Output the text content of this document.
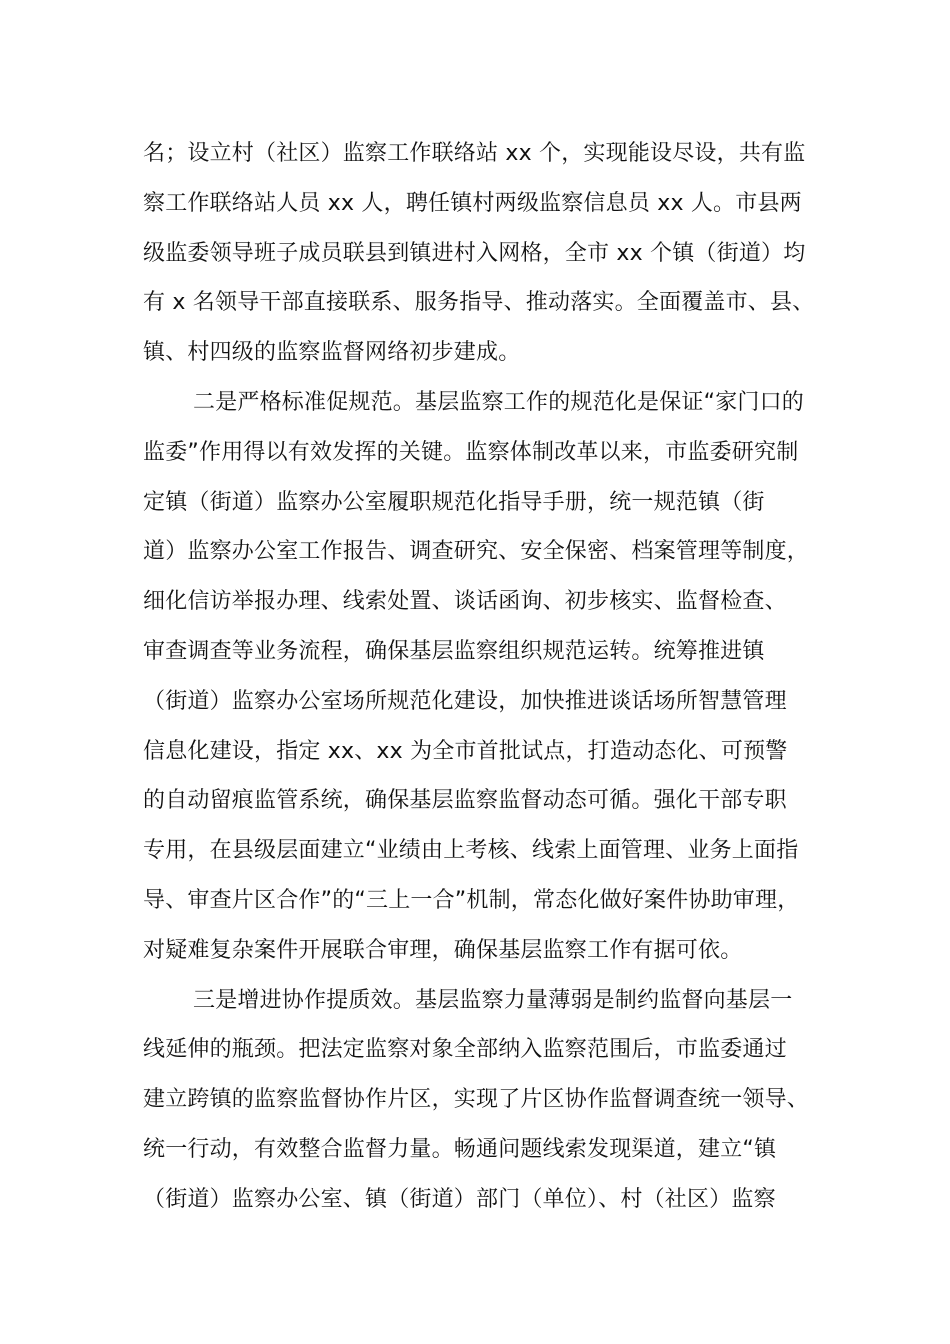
名；设立村（社区）监察工作联络站 xx 个，实现能设尽设，共有监
察工作联络站人员 xx 人，聘任镇村两级监察信息员 xx 人。市县两
级监委领导班子成员联县到镇进村入网格，全市 xx 个镇（街道）均
有 x 名领导干部直接联系、服务指导、推动落实。全面覆盖市、县、
镇、村四级的监察监督网络初步建成。
二是严格标准促规范。基层监察工作的规范化是保证“家门口的
监委”作用得以有效发挥的关键。监察体制改革以来，市监委研究制
定镇（街道）监察办公室履职规范化指导手册，统一规范镇（街
道）监察办公室工作报告、调查研究、安全保密、档案管理等制度，
细化信访举报办理、线索处置、谈话函询、初步核实、监督检查、
审查调查等业务流程，确保基层监察组织规范运转。统筹推进镇
（街道）监察办公室场所规范化建设，加快推进谈话场所智慧管理
信息化建设，指定 xx、xx 为全市首批试点，打造动态化、可预警
的自动留痕监管系统，确保基层监察监督动态可循。强化干部专职
专用，在县级层面建立“业绩由上考核、线索上面管理、业务上面指
导、审查片区合作”的“三上一合”机制，常态化做好案件协助审理，
对疑难复杂案件开展联合审理，确保基层监察工作有据可依。
三是增进协作提质效。基层监察力量薄弱是制约监督向基层一
线延伸的瓶颈。把法定监察对象全部纳入监察范围后，市监委通过
建立跨镇的监察监督协作片区，实现了片区协作监督调查统一领导、
统一行动，有效整合监督力量。畅通问题线索发现渠道，建立“镇
（街道）监察办公室、镇（街道）部门（单位）、村（社区）监察
